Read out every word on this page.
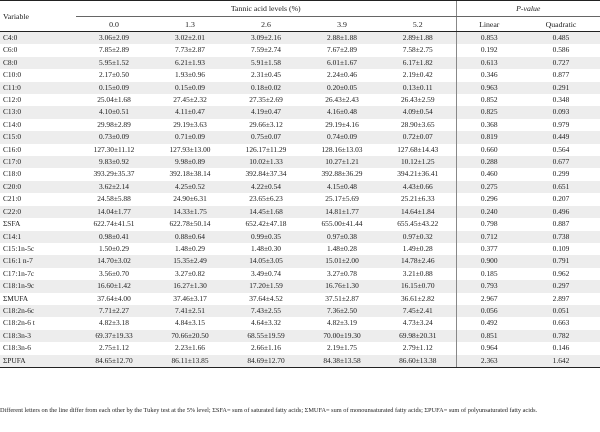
Variable	Tannic acid levels (%)					P-value	
	0.0	1.3	2.6	3.9	5.2	Linear	Quadratic
C4:0	3.06±2.09	3.02±2.01	3.09±2.16	2.88±1.88	2.89±1.88	0.853	0.485
C6:0	7.85±2.89	7.73±2.87	7.59±2.74	7.67±2.89	7.58±2.75	0.192	0.586
C8:0	5.95±1.52	6.21±1.93	5.91±1.58	6.01±1.67	6.17±1.82	0.613	0.727
C10:0	2.17±0.50	1.93±0.96	2.31±0.45	2.24±0.46	2.19±0.42	0.346	0.877
C11:0	0.15±0.09	0.15±0.09	0.18±0.02	0.20±0.05	0.13±0.11	0.963	0.291
C12:0	25.04±1.68	27.45±2.32	27.35±2.69	26.43±2.43	26.43±2.59	0.852	0.348
C13:0	4.10±0.51	4.11±0.47	4.19±0.47	4.16±0.48	4.09±0.54	0.825	0.093
C14:0	29.98±2.89	29.19±3.63	29.66±3.12	29.19±4.16	28.90±3.65	0.368	0.979
C15:0	0.73±0.09	0.71±0.09	0.75±0.07	0.74±0.09	0.72±0.07	0.819	0.449
C16:0	127.30±11.12	127.93±13.00	126.17±11.29	128.16±13.03	127.68±14.43	0.660	0.564
C17:0	9.83±0.92	9.98±0.89	10.02±1.33	10.27±1.21	10.12±1.25	0.288	0.677
C18:0	393.29±35.37	392.18±38.14	392.84±37.34	392.88±36.29	394.21±36.41	0.460	0.299
C20:0	3.62±2.14	4.25±0.52	4.22±0.54	4.15±0.48	4.43±0.66	0.275	0.651
C21:0	24.58±5.88	24.90±6.31	23.65±6.23	25.17±5.69	25.21±6.33	0.296	0.207
C22:0	14.04±1.77	14.33±1.75	14.45±1.68	14.81±1.77	14.64±1.84	0.240	0.496
ΣSFA	622.74±41.51	622.78±50.14	652.42±47.18	655.00±41.44	655.45±43.22	0.798	0.887
C14:1	0.98±0.41	0.88±0.64	0.99±0.35	0.97±0.38	0.97±0.32	0.712	0.738
C15:1n-5c	1.50±0.29	1.48±0.29	1.48±0.30	1.48±0.28	1.49±0.28	0.377	0.109
C16:1 n-7	14.70±3.02	15.35±2.49	14.05±3.05	15.01±2.00	14.78±2.46	0.900	0.791
C17:1n-7c	3.56±0.70	3.27±0.82	3.49±0.74	3.27±0.78	3.21±0.88	0.185	0.962
C18:1n-9c	16.60±1.42	16.27±1.30	17.20±1.59	16.76±1.30	16.15±0.70	0.793	0.297
ΣMUFA	37.64±4.00	37.46±3.17	37.64±4.52	37.51±2.87	36.61±2.82	2.967	2.897
C18:2n-6c	7.71±2.27	7.41±2.51	7.43±2.55	7.36±2.50	7.45±2.41	0.056	0.051
C18:2n-6 t	4.82±3.18	4.84±3.15	4.64±3.32	4.82±3.19	4.73±3.24	0.492	0.663
C18:3n-3	69.37±19.33	70.66±20.50	68.55±19.59	70.00±19.30	69.98±20.31	0.851	0.782
C18:3n-6	2.75±1.12	2.23±1.66	2.66±1.16	2.19±1.75	2.79±1.12	0.964	0.146
ΣPUFA	84.65±12.70	86.11±13.85	84.69±12.70	84.38±13.58	86.60±13.38	2.363	1.642
Different letters on the line differ from each other by the Tukey test at the 5% level; ΣSFA= sum of saturated fatty acids; ΣMUFA= sum of monounsaturated fatty acids; ΣPUFA= sum of polyunsaturated fatty acids.
